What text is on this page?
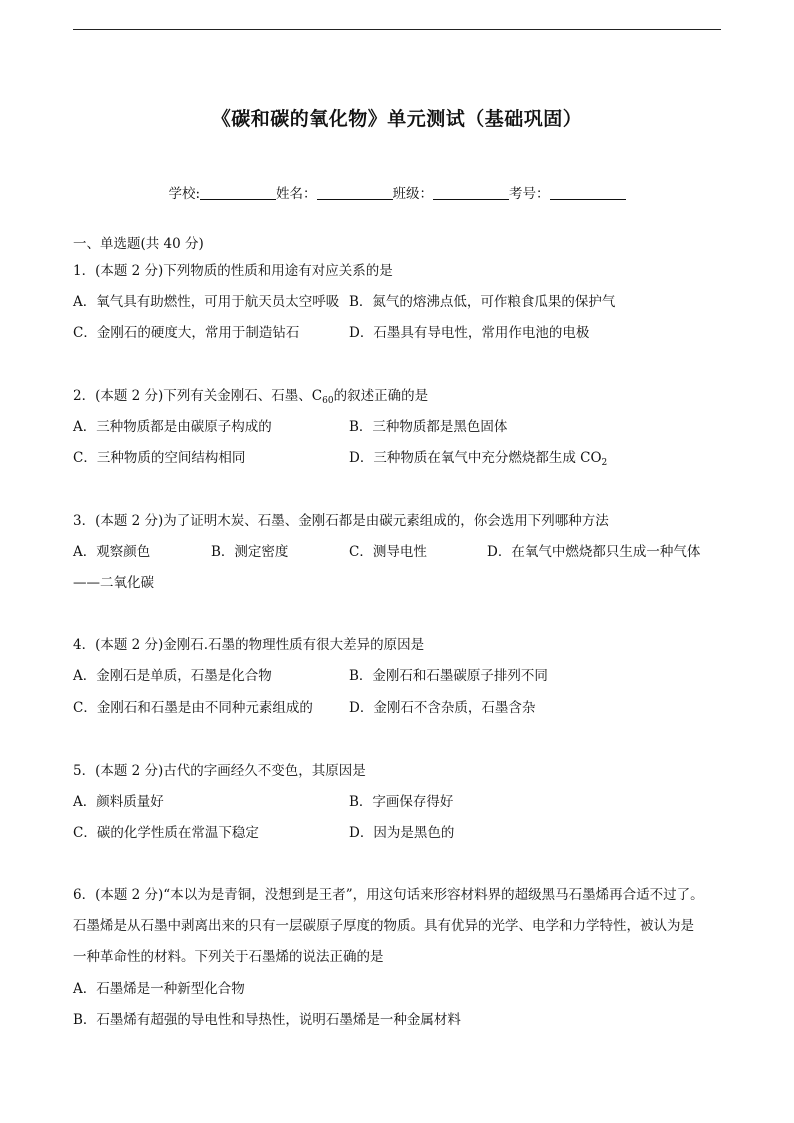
《碳和碳的氧化物》单元测试（基础巩固）
学校:	姓名：	班级：	考号：
一、单选题(共 40 分)
1．(本题 2 分)下列物质的性质和用途有对应关系的是
A．氧气具有助燃性，可用于航天员太空呼吸 B．氮气的熔沸点低，可作粮食瓜果的保护气
C．金刚石的硬度大，常用于制造钻石	D．石墨具有导电性，常用作电池的电极
2．(本题 2 分)下列有关金刚石、石墨、$C_{60}$的叙述正确的是
A．三种物质都是由碳原子构成的	B．三种物质都是黑色固体
C．三种物质的空间结构相同	D．三种物质在氧气中充分燃烧都生成 $CO_2$
3．(本题 2 分)为了证明木炭、石墨、金刚石都是由碳元素组成的，你会选用下列哪种方法
A．观察颜色	B．测定密度	C．测导电性	D．在氧气中燃烧都只生成一种气体
——二氧化碳
4．(本题 2 分)金刚石.石墨的物理性质有很大差异的原因是
A．金刚石是单质，石墨是化合物	B．金刚石和石墨碳原子排列不同
C．金刚石和石墨是由不同种元素组成的	D．金刚石不含杂质，石墨含杂
5．(本题 2 分)古代的字画经久不变色，其原因是
A．颜料质量好	B．字画保存得好
C．碳的化学性质在常温下稳定	D．因为是黑色的
6．(本题 2 分)“本以为是青铜，没想到是王者”，用这句话来形容材料界的超级黑马石墨烯再合适不过了。
石墨烯是从石墨中剥离出来的只有一层碳原子厚度的物质。具有优异的光学、电学和力学特性，被认为是
一种革命性的材料。下列关于石墨烯的说法正确的是
A．石墨烯是一种新型化合物
B．石墨烯有超强的导电性和导热性，说明石墨烯是一种金属材料
